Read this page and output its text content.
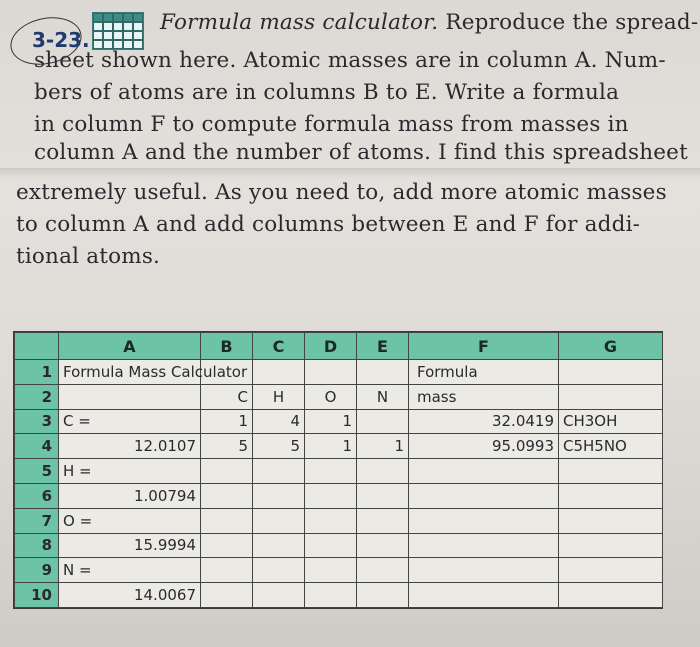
3-23.
Formula mass calculator. Reproduce the spread-
sheet shown here. Atomic masses are in column A. Num-
bers of atoms are in columns B to E. Write a formula
in column F to compute formula mass from masses in
column A and the number of atoms. I find this spreadsheet
extremely useful. As you need to, add more atomic masses
to column A and add columns between E and F for addi-
tional atoms.
	A	B	C	D	E	F	G
1	Formula Mass Calculator					Formula	
2		C	H	O	N	mass	
3	C =	1	4	1		32.0419	CH3OH
4	12.0107	5	5	1	1	95.0993	C5H5NO
5	H =						
6	1.00794						
7	O =						
8	15.9994						
9	N =						
10	14.0067						
